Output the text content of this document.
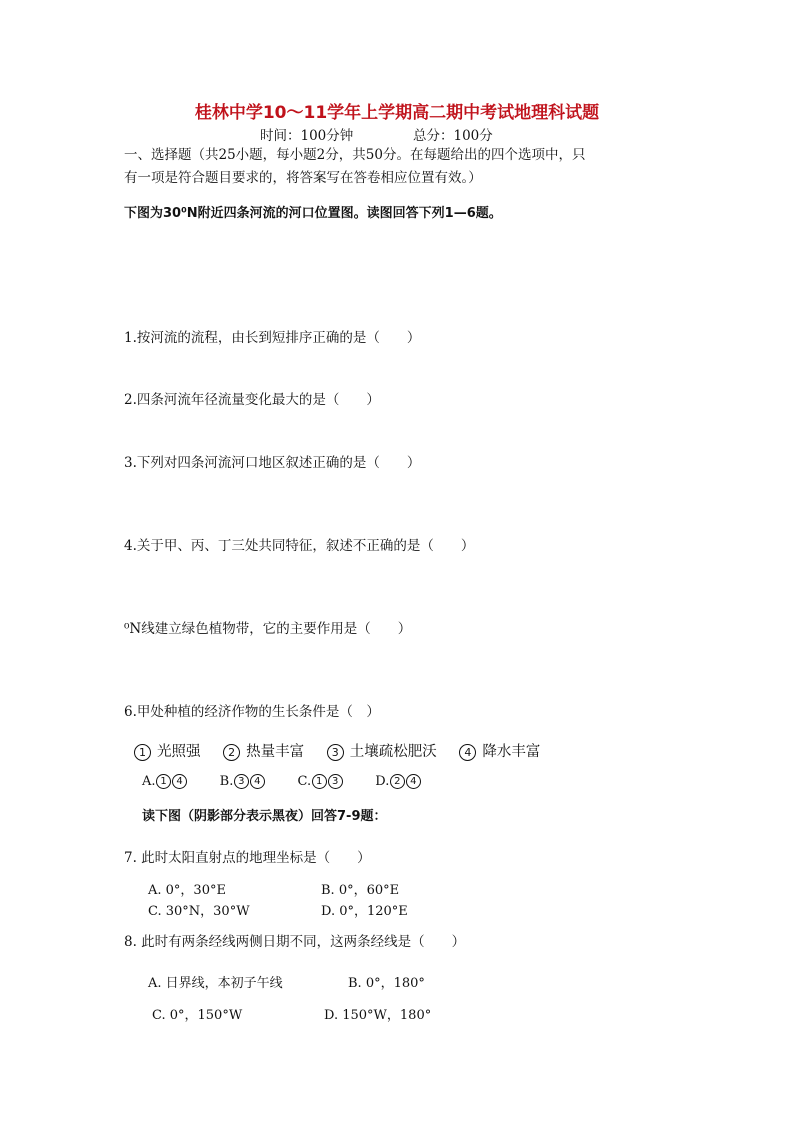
桂林中学10～11学年上学期高二期中考试地理科试题
时间：100分钟	总分：100分
一、选择题（共25小题，每小题2分，共50分。在每题给出的四个选项中，只
有一项是符合题目要求的，将答案写在答卷相应位置有效。）
下图为30⁰N附近四条河流的河口位置图。读图回答下列1—6题。
1.按河流的流程，由长到短排序正确的是（　　）
2.四条河流年径流量变化最大的是（　　）
3.下列对四条河流河口地区叙述正确的是（　　）
4.关于甲、丙、丁三处共同特征，叙述不正确的是（　　）
⁰N线建立绿色植物带，它的主要作用是（　　）
6.甲处种植的经济作物的生长条件是（　）
1 光照强	2 热量丰富	3 土壤疏松肥沃	4 降水丰富
A. 1 4	B. 3 4	C. 1 3	D. 2 4
读下图（阴影部分表示黑夜）回答7-9题：
7. 此时太阳直射点的地理坐标是（　　）
A. 0°，30°E	B. 0°，60°E
C. 30°N，30°W	D. 0°，120°E
8. 此时有两条经线两侧日期不同，这两条经线是（　　）
A. 日界线，本初子午线	B. 0°，180°
C. 0°，150°W	D. 150°W，180°
